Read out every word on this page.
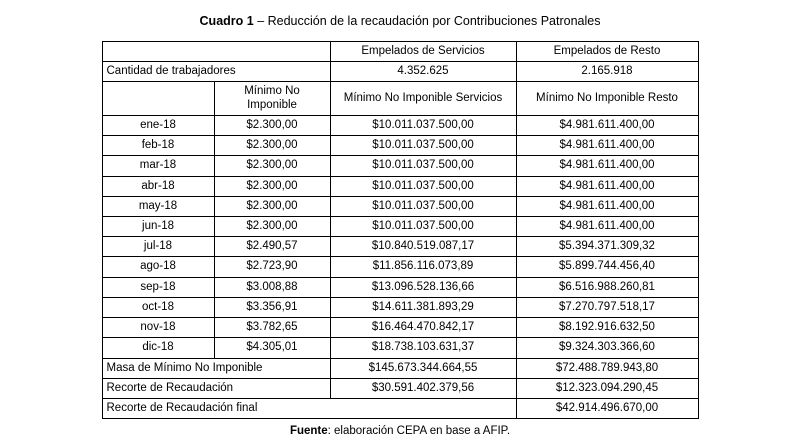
Cuadro 1 – Reducción de la recaudación por Contribuciones Patronales
		Empelados de Servicios	Empelados de Resto
Cantidad de trabajadores		4.352.625	2.165.918
	Mínimo No Imponible	Mínimo No Imponible Servicios	Mínimo No Imponible Resto
ene-18	$2.300,00	$10.011.037.500,00	$4.981.611.400,00
feb-18	$2.300,00	$10.011.037.500,00	$4.981.611.400,00
mar-18	$2.300,00	$10.011.037.500,00	$4.981.611.400,00
abr-18	$2.300,00	$10.011.037.500,00	$4.981.611.400,00
may-18	$2.300,00	$10.011.037.500,00	$4.981.611.400,00
jun-18	$2.300,00	$10.011.037.500,00	$4.981.611.400,00
jul-18	$2.490,57	$10.840.519.087,17	$5.394.371.309,32
ago-18	$2.723,90	$11.856.116.073,89	$5.899.744.456,40
sep-18	$3.008,88	$13.096.528.136,66	$6.516.988.260,81
oct-18	$3.356,91	$14.611.381.893,29	$7.270.797.518,17
nov-18	$3.782,65	$16.464.470.842,17	$8.192.916.632,50
dic-18	$4.305,01	$18.738.103.631,37	$9.324.303.366,60
Masa de Mínimo No Imponible		$145.673.344.664,55	$72.488.789.943,80
Recorte de Recaudación		$30.591.402.379,56	$12.323.094.290,45
Recorte de Recaudación final			$42.914.496.670,00
Fuente: elaboración CEPA en base a AFIP.
